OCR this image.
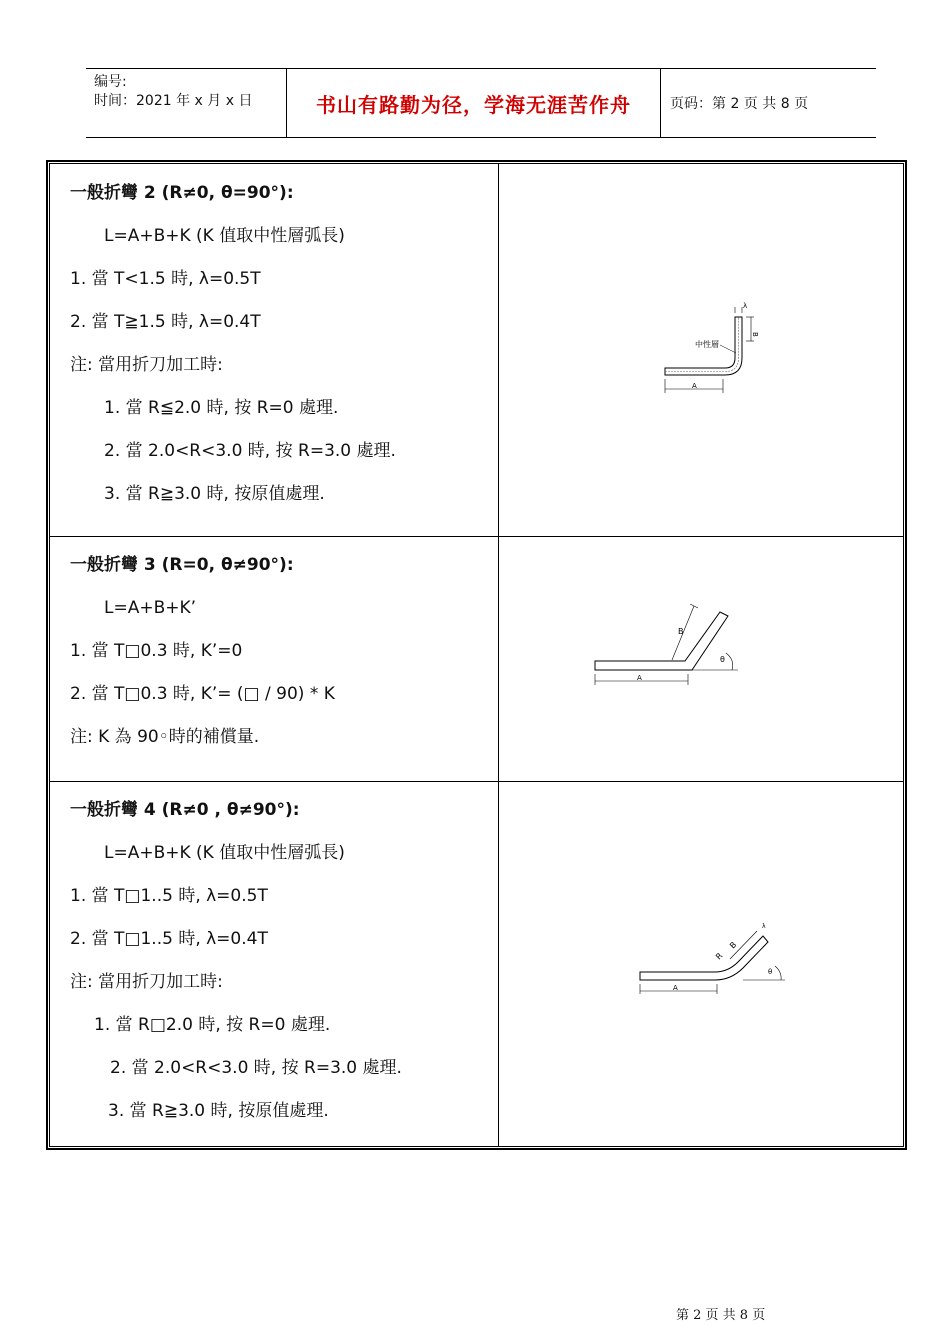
编号:
时间：2021 年 x 月 x 日	书山有路勤为径，学海无涯苦作舟	页码：第 2 页 共 8 页
一般折彎 2 (R≠0, θ=90°):
L=A+B+K (K 值取中性層弧長)
1. 當 T<1.5 時, λ=0.5T
2. 當 T≧1.5 時, λ=0.4T
注: 當用折刀加工時:
1. 當 R≦2.0 時, 按 R=0 處理.
2. 當 2.0<R<3.0 時, 按 R=3.0 處理.
3. 當 R≧3.0 時, 按原值處理.
A
B
λ
中性層
一般折彎 3 (R=0, θ≠90°):
L=A+B+K’
1. 當 T□0.3 時, K’=0
2. 當 T□0.3 時, K’= (□ / 90) * K
注: K 為 90◦時的補償量.
A
B
θ
一般折彎 4 (R≠0 , θ≠90°):
L=A+B+K (K 值取中性層弧長)
1. 當 T□1..5 時, λ=0.5T
2. 當 T□1..5 時, λ=0.4T
注: 當用折刀加工時:
1. 當 R□2.0 時, 按 R=0 處理.
2. 當 2.0<R<3.0 時, 按 R=3.0 處理.
3. 當 R≧3.0 時, 按原值處理.
A
B
R
λ
θ
第 2 页 共 8 页
